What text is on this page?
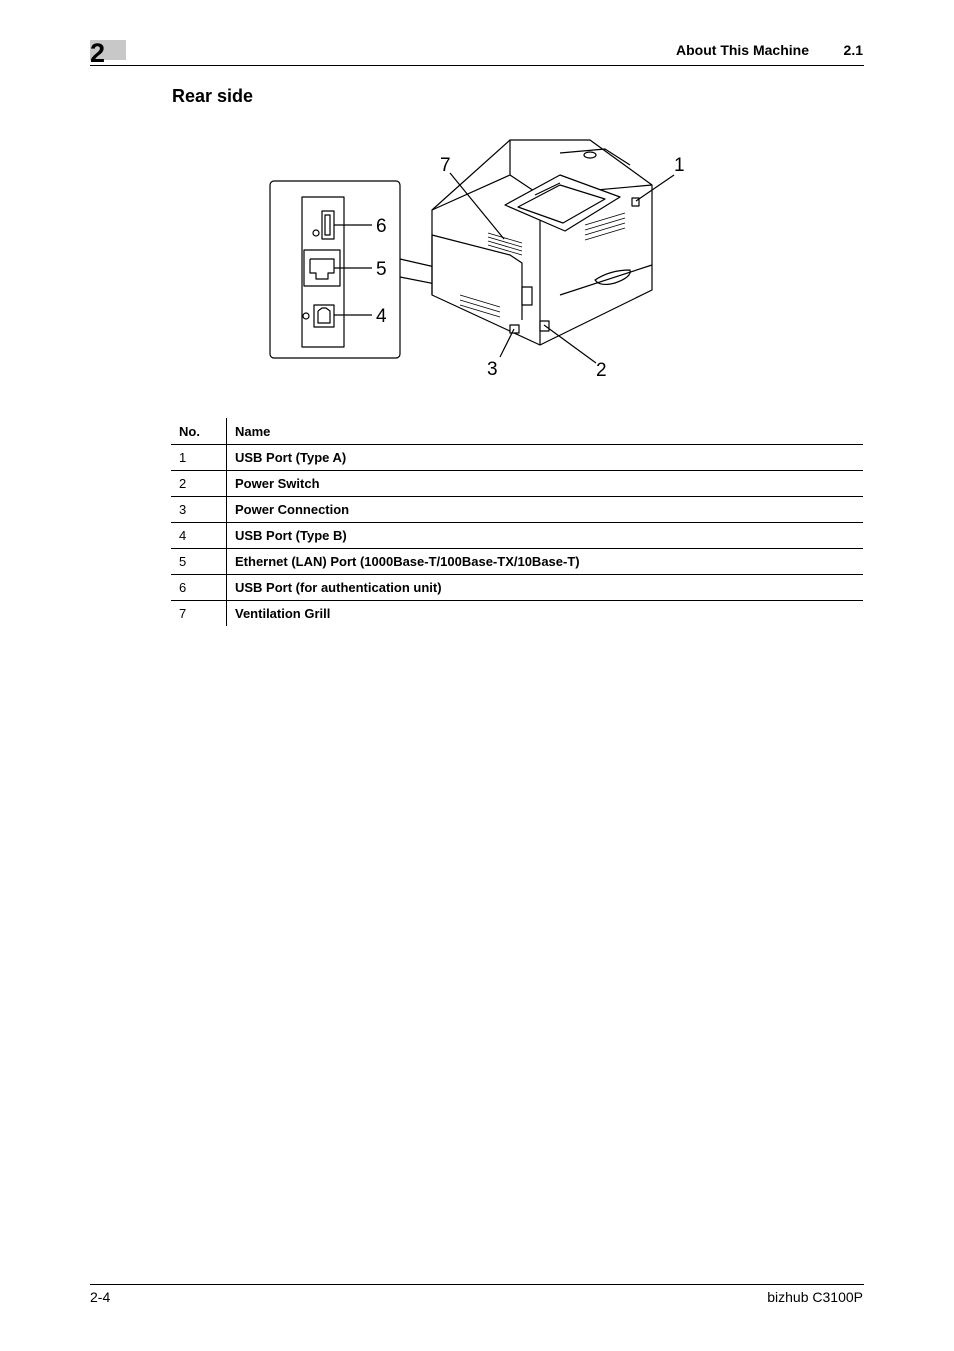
2	About This Machine 2.1
Rear side
1
2
3
4
5
6
7
No.	Name
1	USB Port (Type A)
2	Power Switch
3	Power Connection
4	USB Port (Type B)
5	Ethernet (LAN) Port (1000Base-T/100Base-TX/10Base-T)
6	USB Port (for authentication unit)
7	Ventilation Grill
2-4	bizhub C3100P
